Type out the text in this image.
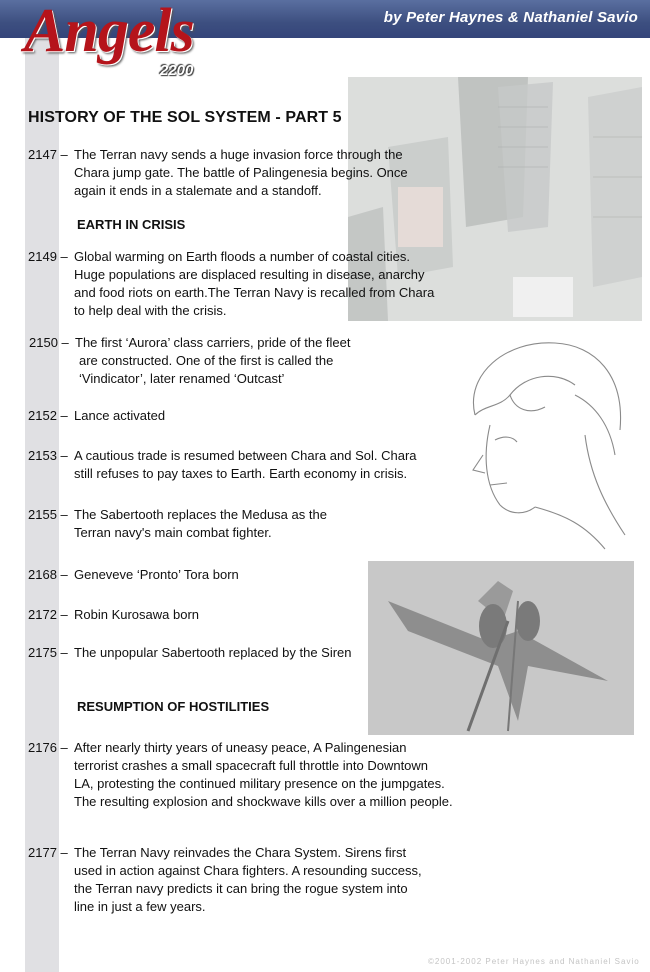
by Peter Haynes & Nathaniel Savio
Angels
2200
HISTORY OF THE SOL SYSTEM - PART 5
EARTH IN CRISIS
RESUMPTION OF HOSTILITIES
2147 – The Terran navy sends a huge invasion force through the
Chara jump gate. The battle of Palingenesia begins. Once
again it ends in a stalemate and a standoff.
2149 – Global warming on Earth floods a number of coastal cities.
Huge populations are displaced resulting in disease, anarchy
and food riots on earth.The Terran Navy is recalled from Chara
to help deal with the crisis.
2150 – The first ‘Aurora’ class carriers, pride of the fleet
are constructed. One of the first is called the
‘Vindicator’, later renamed ‘Outcast’
2152 – Lance activated
2153 – A cautious trade is resumed between Chara and Sol. Chara
still refuses to pay taxes to Earth. Earth economy in crisis.
2155 – The Sabertooth replaces the Medusa as the
Terran navy's main combat fighter.
2168 – Geneveve ‘Pronto’ Tora born
2172 – Robin Kurosawa born
2175 – The unpopular Sabertooth replaced by the Siren
2176 – After nearly thirty years of uneasy peace, A Palingenesian
terrorist crashes a small spacecraft full throttle into Downtown
LA, protesting the continued military presence on the jumpgates.
The resulting explosion and shockwave kills over a million people.
2177 – The Terran Navy reinvades the Chara System. Sirens first
used in action against Chara fighters. A resounding success,
the Terran navy predicts it can bring the rogue system into
line in just a few years.
©2001-2002 Peter Haynes and Nathaniel Savio
